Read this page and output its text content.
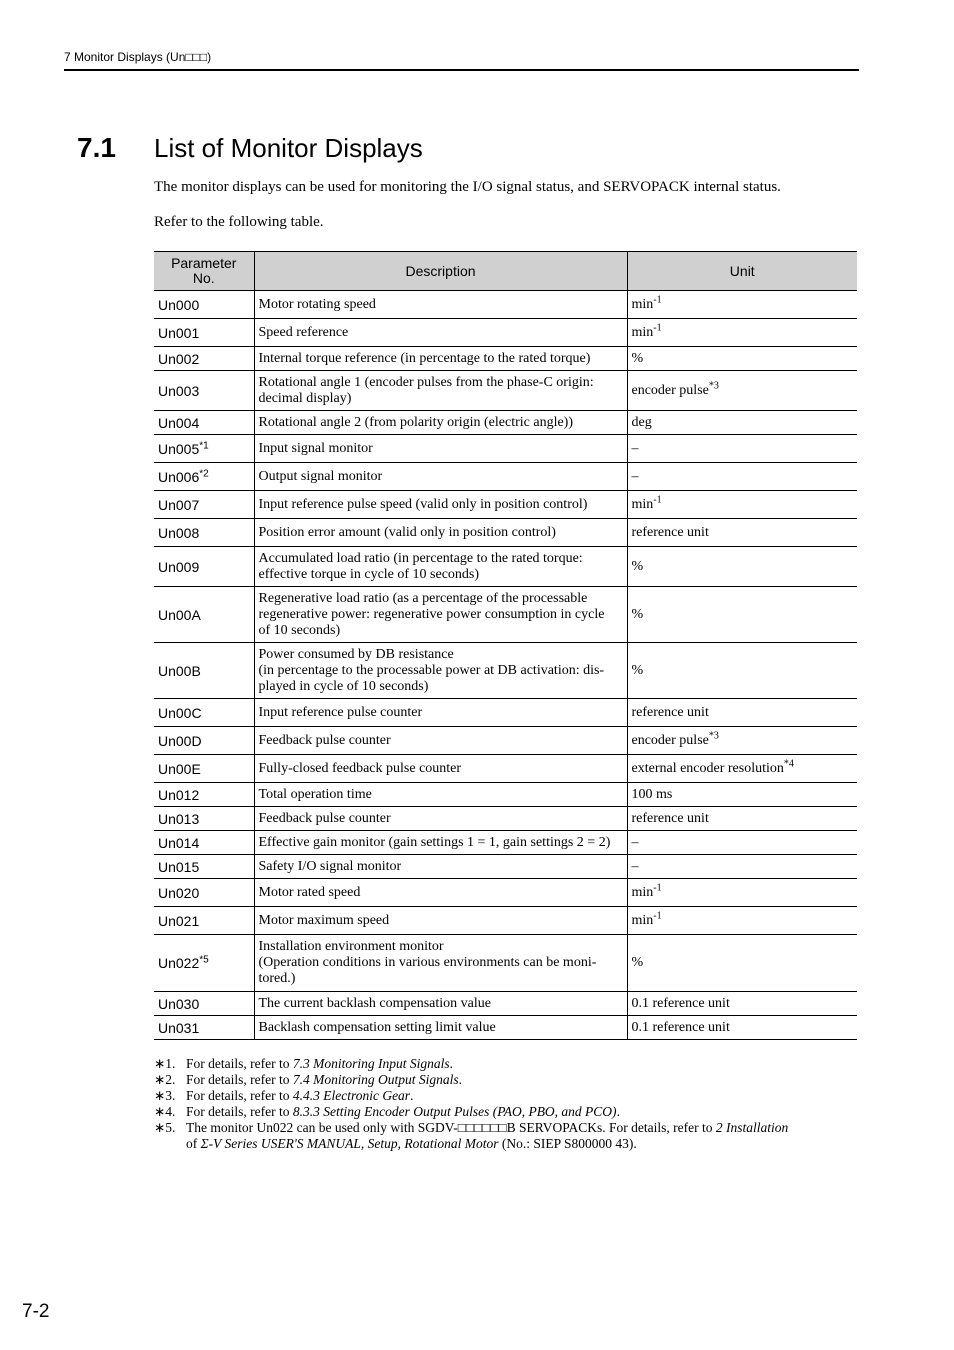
7 Monitor Displays (Un□□□)
7.1 List of Monitor Displays
The monitor displays can be used for monitoring the I/O signal status, and SERVOPACK internal status.
Refer to the following table.
Parameter
No.	Description	Unit
Un000	Motor rotating speed	$\min^{-1}$
Un001	Speed reference	$\min^{-1}$
Un002	Internal torque reference (in percentage to the rated torque)	%
Un003	Rotational angle 1 (encoder pulses from the phase-C origin:
decimal display)	encoder pulse$^{*3}$
Un004	Rotational angle 2 (from polarity origin (electric angle))	deg
Un005$^{*1}$	Input signal monitor	–
Un006$^{*2}$	Output signal monitor	–
Un007	Input reference pulse speed (valid only in position control)	$\min^{-1}$
Un008	Position error amount (valid only in position control)	reference unit
Un009	Accumulated load ratio (in percentage to the rated torque:
effective torque in cycle of 10 seconds)	%
Un00A	Regenerative load ratio (as a percentage of the processable
regenerative power: regenerative power consumption in cycle
of 10 seconds)	%
Un00B	Power consumed by DB resistance
(in percentage to the processable power at DB activation: dis-
played in cycle of 10 seconds)	%
Un00C	Input reference pulse counter	reference unit
Un00D	Feedback pulse counter	encoder pulse$^{*3}$
Un00E	Fully-closed feedback pulse counter	external encoder resolution$^{*4}$
Un012	Total operation time	100 ms
Un013	Feedback pulse counter	reference unit
Un014	Effective gain monitor (gain settings 1 = 1, gain settings 2 = 2)	–
Un015	Safety I/O signal monitor	–
Un020	Motor rated speed	$\min^{-1}$
Un021	Motor maximum speed	$\min^{-1}$
Un022$^{*5}$	Installation environment monitor
(Operation conditions in various environments can be moni-
tored.)	%
Un030	The current backlash compensation value	0.1 reference unit
Un031	Backlash compensation setting limit value	0.1 reference unit
∗1. For details, refer to 7.3 Monitoring Input Signals.
∗2. For details, refer to 7.4 Monitoring Output Signals.
∗3. For details, refer to 4.4.3 Electronic Gear.
∗4. For details, refer to 8.3.3 Setting Encoder Output Pulses (PAO, PBO, and PCO).
∗5. The monitor Un022 can be used only with SGDV-□□□□□□B SERVOPACKs. For details, refer to 2 Installation
of Σ-V Series USER'S MANUAL, Setup, Rotational Motor (No.: SIEP S800000 43).
7-2
